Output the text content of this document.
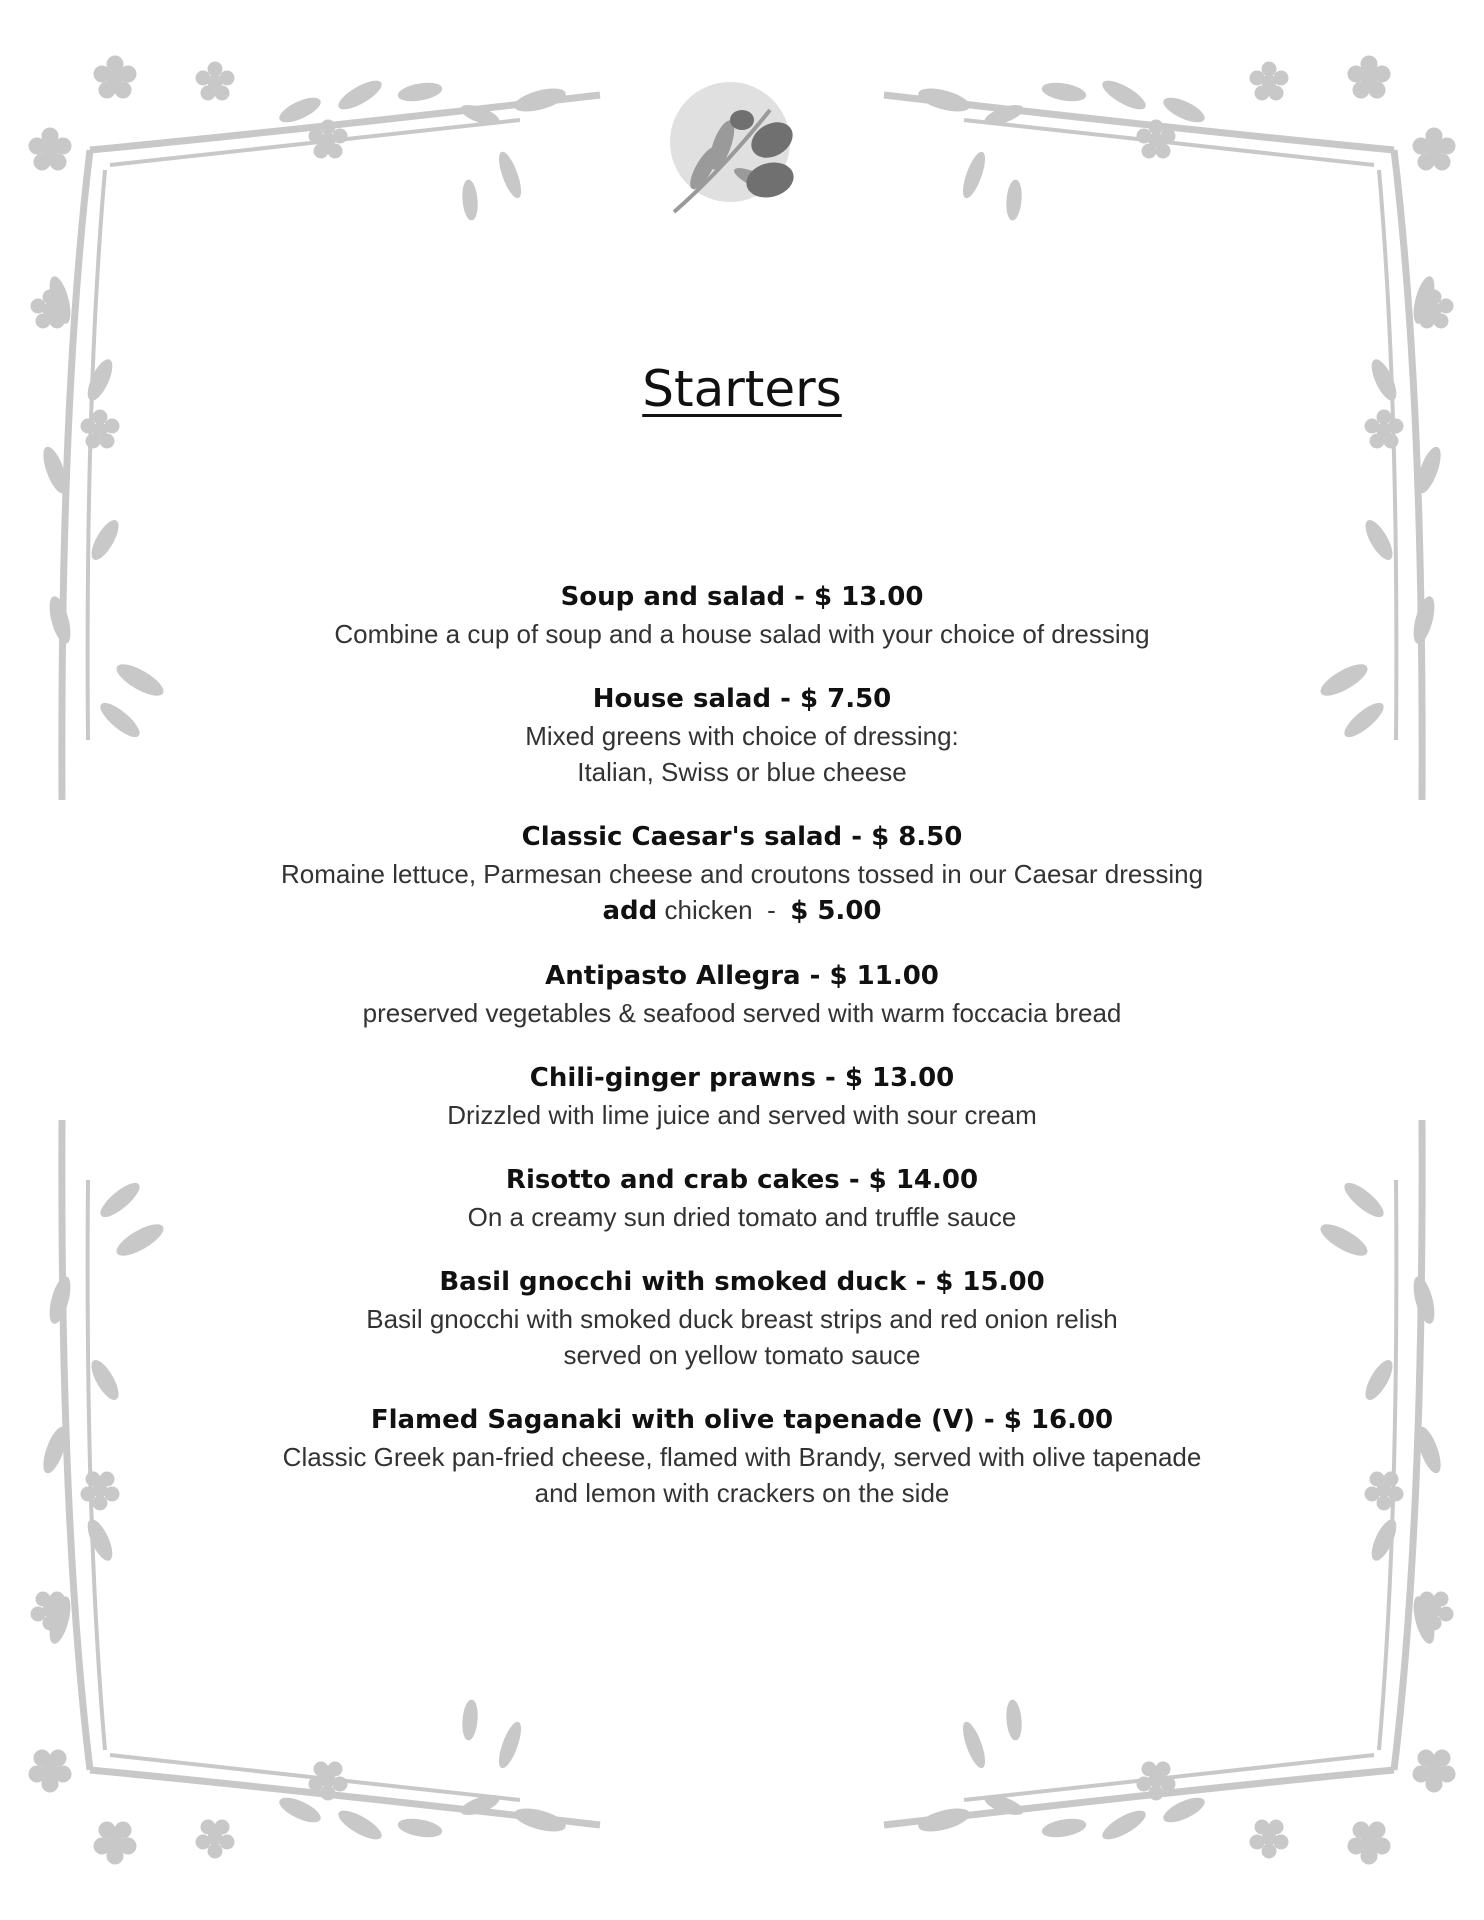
Starters
Soup and salad - $ 13.00
Combine a cup of soup and a house salad with your choice of dressing
House salad - $ 7.50
Mixed greens with choice of dressing:
Italian, Swiss or blue cheese
Classic Caesar's salad - $ 8.50
Romaine lettuce, Parmesan cheese and croutons tossed in our Caesar dressing
add chicken  -  $ 5.00
Antipasto Allegra - $ 11.00
preserved vegetables & seafood served with warm foccacia bread
Chili-ginger prawns - $ 13.00
Drizzled with lime juice and served with sour cream
Risotto and crab cakes - $ 14.00
On a creamy sun dried tomato and truffle sauce
Basil gnocchi with smoked duck - $ 15.00
Basil gnocchi with smoked duck breast strips and red onion relish
served on yellow tomato sauce
Flamed Saganaki with olive tapenade (V) - $ 16.00
Classic Greek pan-fried cheese, flamed with Brandy, served with olive tapenade
and lemon with crackers on the side
